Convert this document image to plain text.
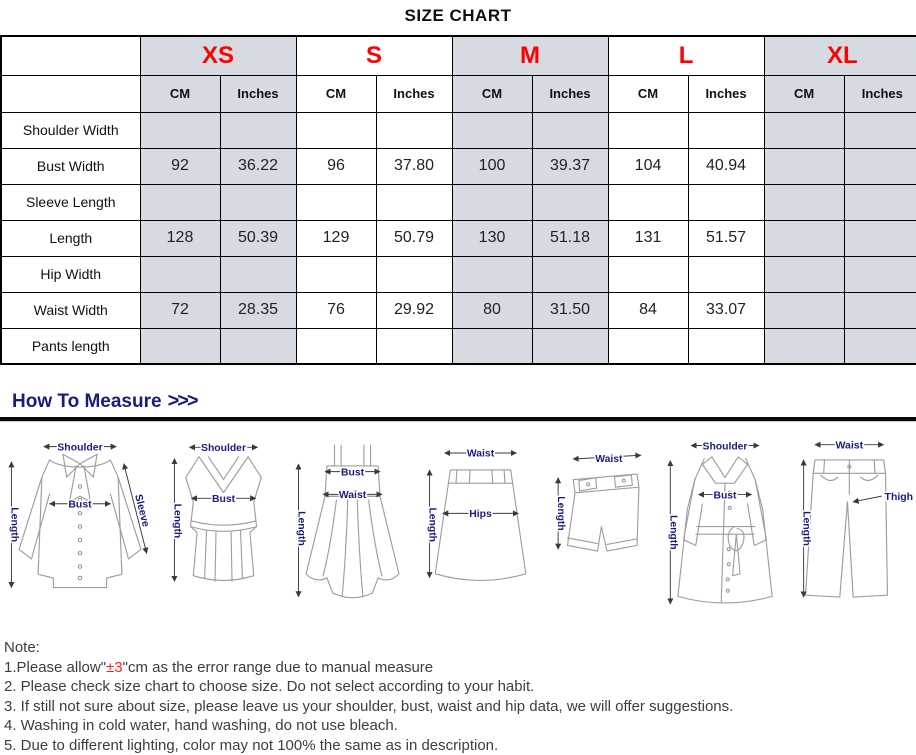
SIZE CHART
	XS		S		M		L		XL	
	CM	Inches	CM	Inches	CM	Inches	CM	Inches	CM	Inches
Shoulder Width										
Bust Width	92	36.22	96	37.80	100	39.37	104	40.94		
Sleeve Length										
Length	128	50.39	129	50.79	130	51.18	131	51.57		
Hip Width										
Waist Width	72	28.35	76	29.92	80	31.50	84	33.07		
Pants length										
How To Measure >>>
Shoulder
Length
Bust	Sleeve
Shoulder
Length
Bust
Bust
Waist
Length
Waist
Hips
Length
Waist
Length
Shoulder
Bust
Length
Waist
Thigh
Length
Note:
1.Please allow"±3"cm as the error range due to manual measure
2. Please check size chart to choose size. Do not select according to your habit.
3. If still not sure about size, please leave us your shoulder, bust, waist and hip data, we will offer suggestions.
4. Washing in cold water, hand washing, do not use bleach.
5. Due to different lighting, color may not 100% the same as in description.
